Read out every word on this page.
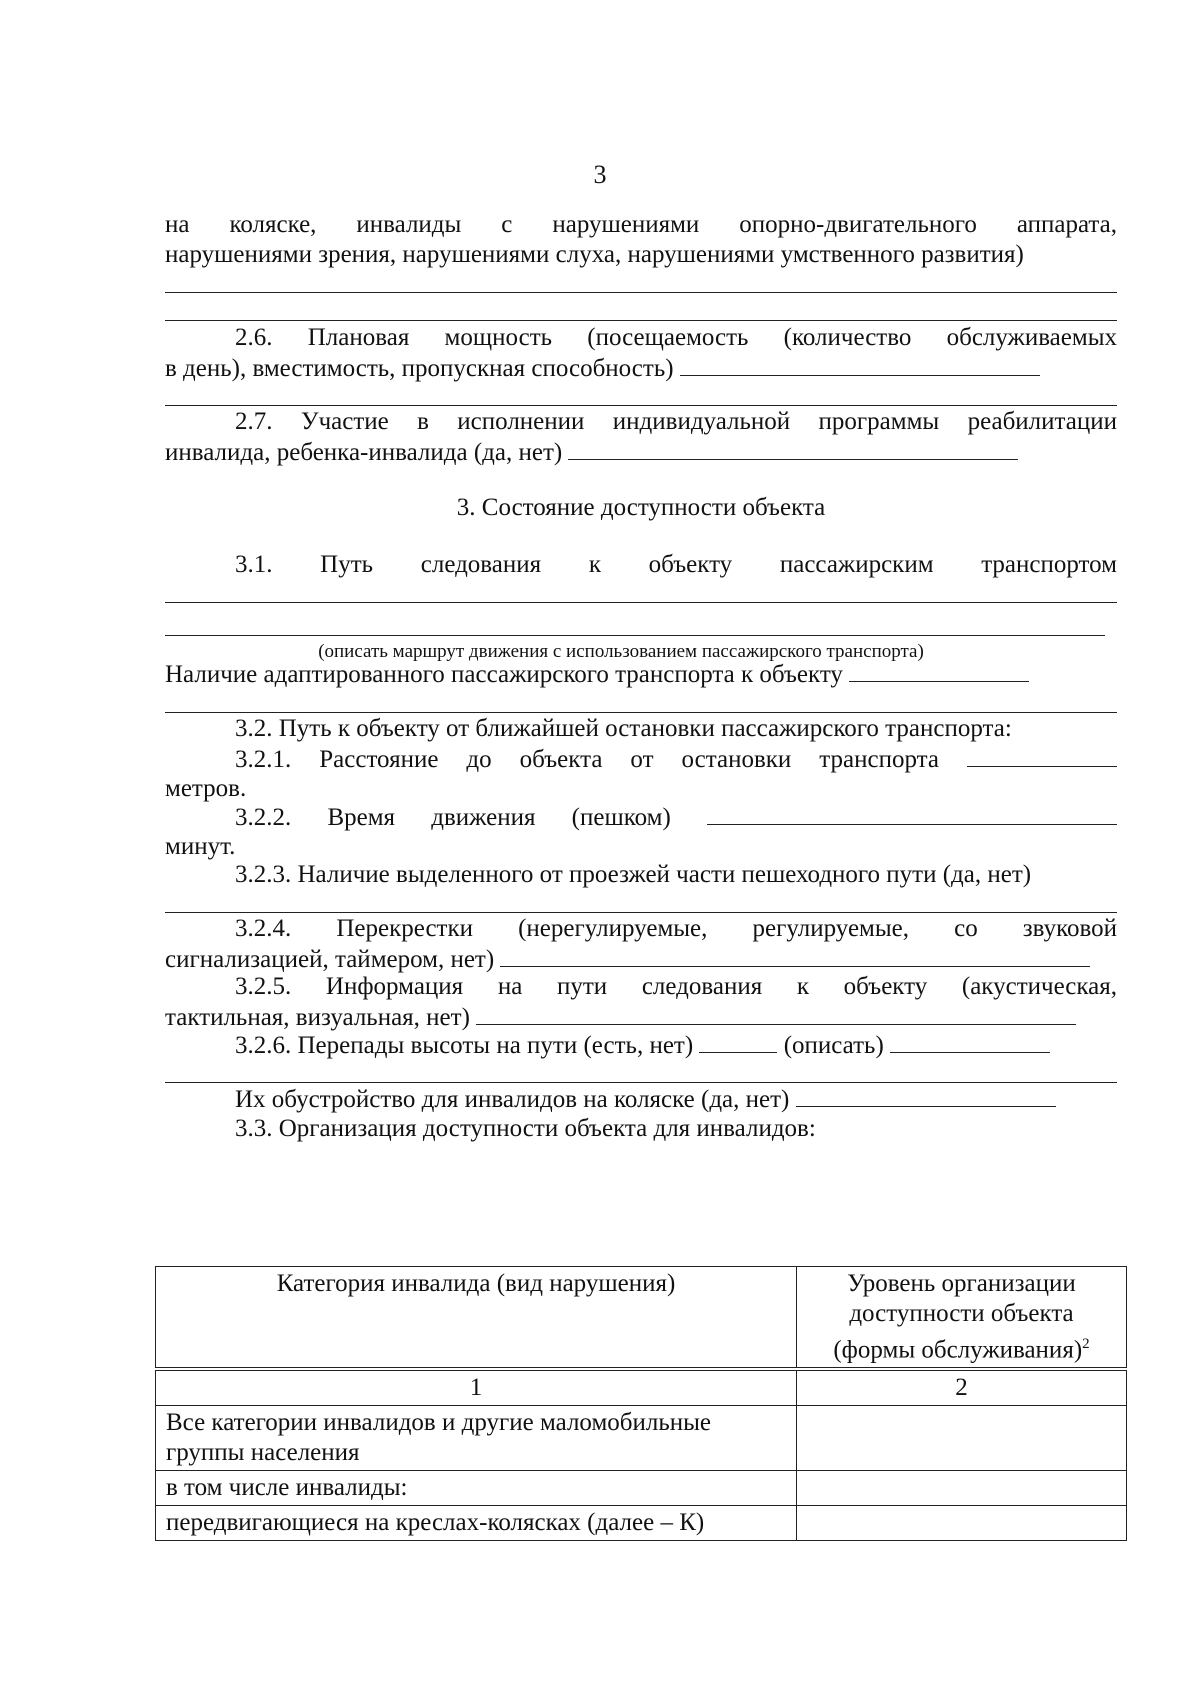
3
на коляске, инвалиды с нарушениями опорно-двигательного аппарата,
нарушениями зрения, нарушениями слуха, нарушениями умственного развития)
2.6. Плановая мощность (посещаемость (количество обслуживаемых
в день), вместимость, пропускная способность)
2.7. Участие в исполнении индивидуальной программы реабилитации
инвалида, ребенка-инвалида (да, нет)
3. Состояние доступности объекта
3.1. Путь следования к объекту пассажирским транспортом
(описать маршрут движения с использованием пассажирского транспорта)
Наличие адаптированного пассажирского транспорта к объекту
3.2. Путь к объекту от ближайшей остановки пассажирского транспорта:
3.2.1. Расстояние до объекта от остановки транспорта
метров.
3.2.2. Время движения (пешком)
минут.
3.2.3. Наличие выделенного от проезжей части пешеходного пути (да, нет)
3.2.4. Перекрестки (нерегулируемые, регулируемые, со звуковой
сигнализацией, таймером, нет)
3.2.5. Информация на пути следования к объекту (акустическая,
тактильная, визуальная, нет)
3.2.6. Перепады высоты на пути (есть, нет)	(описать)
Их обустройство для инвалидов на коляске (да, нет)
3.3. Организация доступности объекта для инвалидов:
Категория инвалида (вид нарушения)	Уровень организации
доступности объекта
(формы обслуживания)$^2$

1	2

Все категории инвалидов и другие маломобильные
группы населения	

в том числе инвалиды:	
передвигающиеся на креслах-колясках (далее – К)	
